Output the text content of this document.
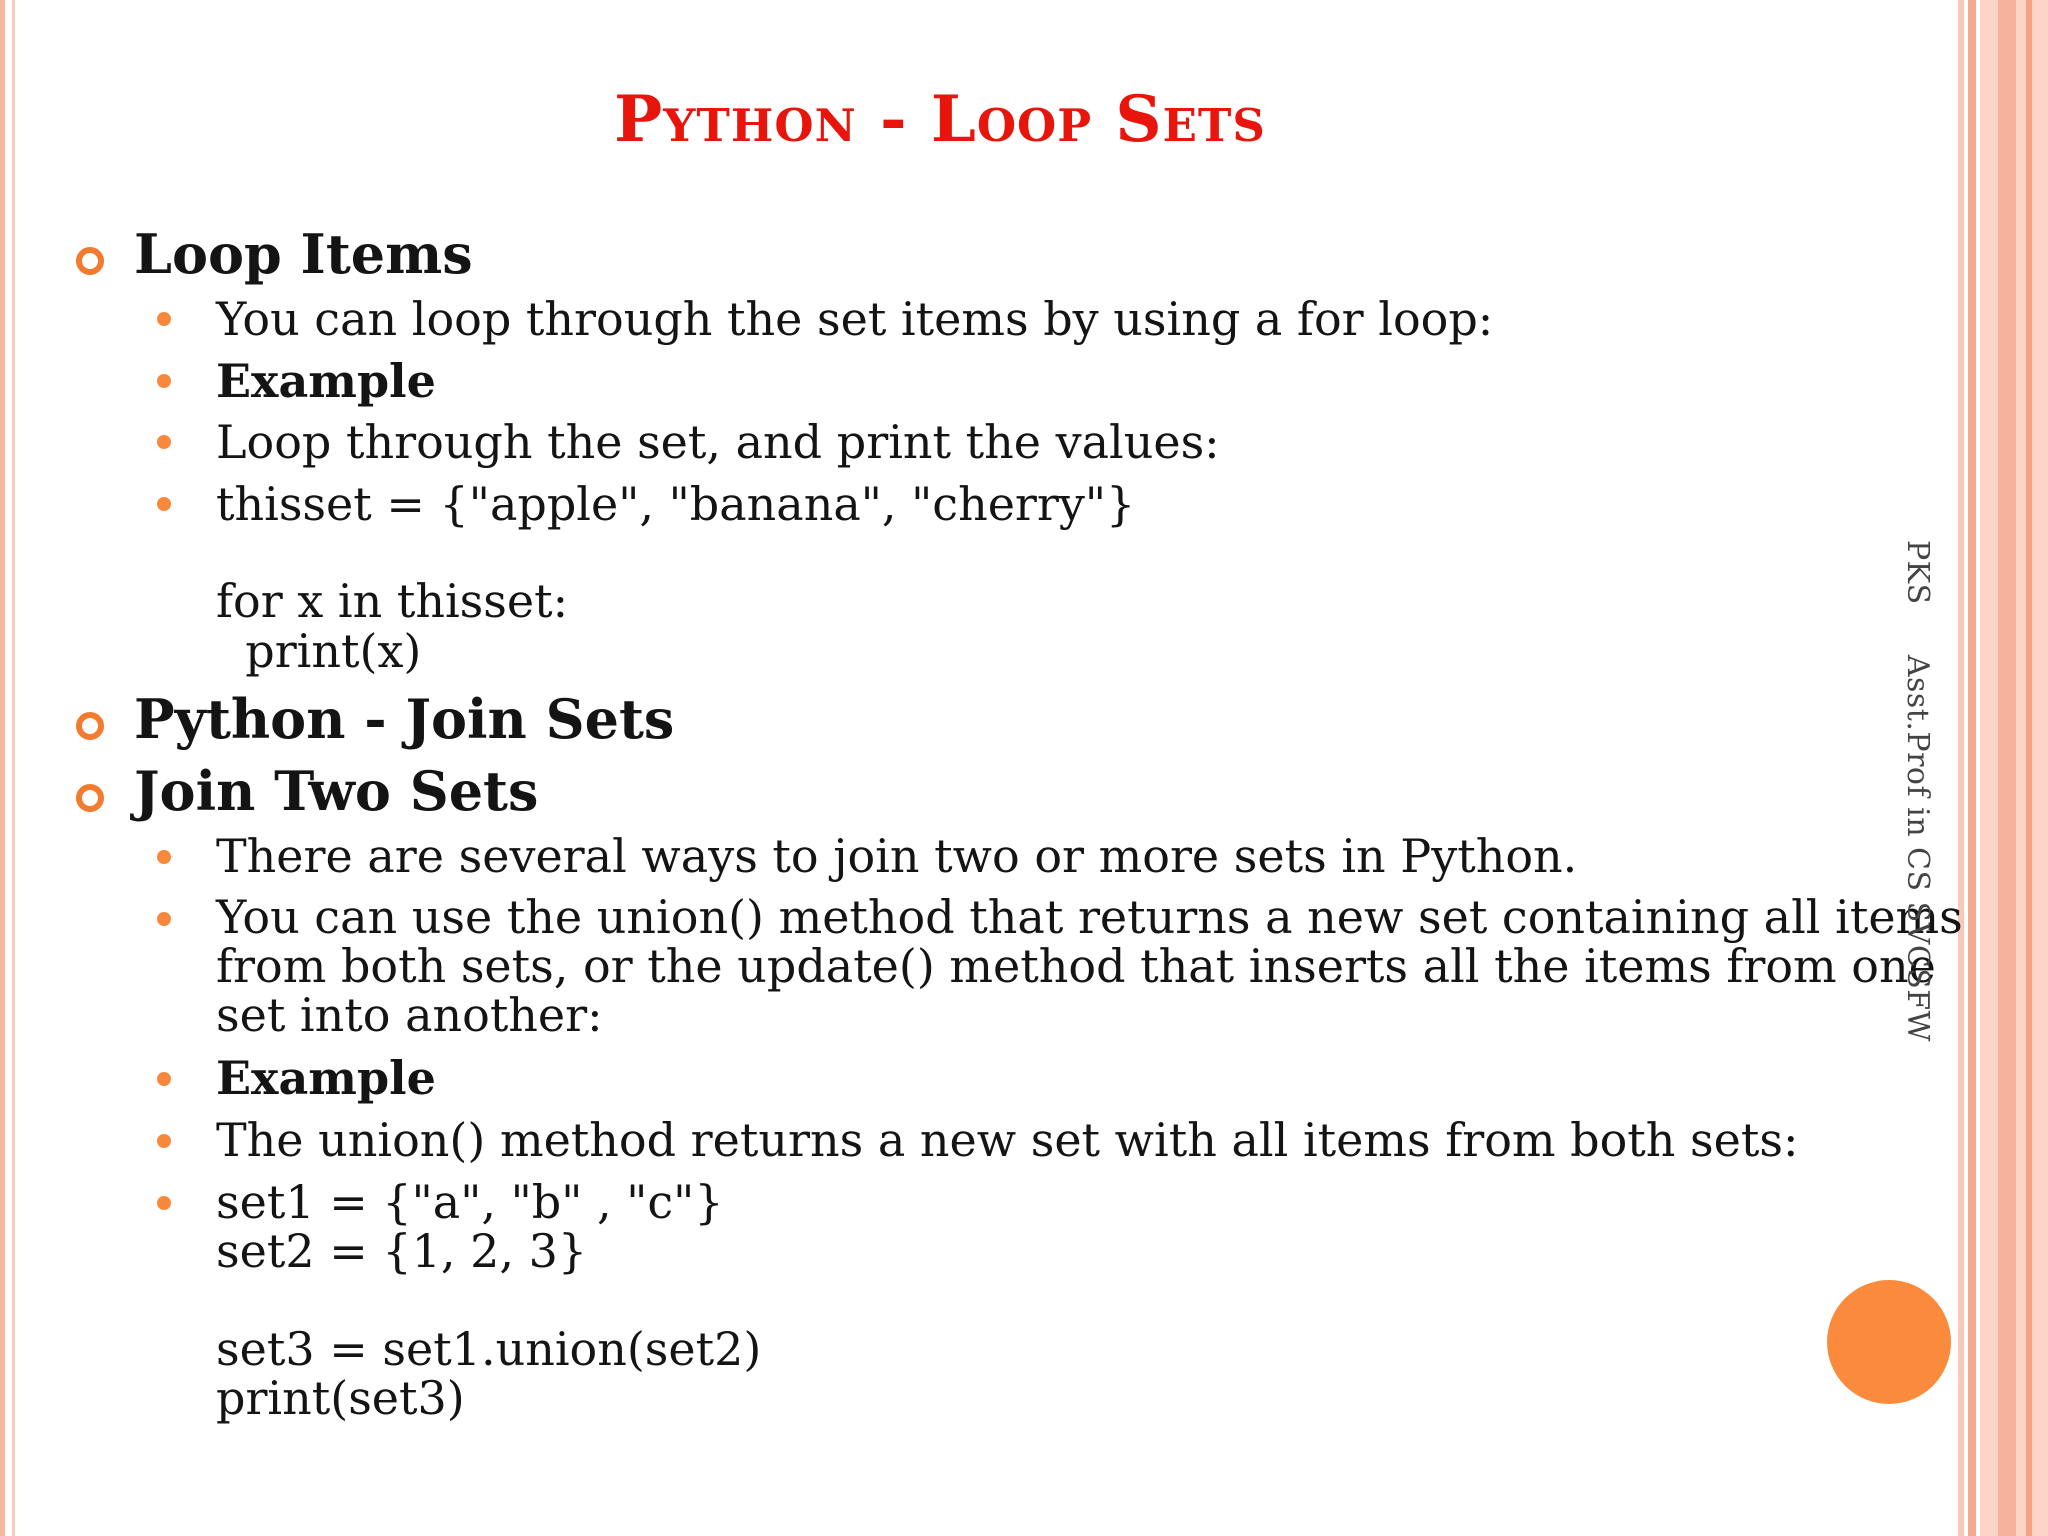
Python - Loop Sets
Loop Items
You can loop through the set items by using a for loop:
Example
Loop through the set, and print the values:
thisset = {"apple", "banana", "cherry"}
for x in thisset:
print(x)
Python - Join Sets
Join Two Sets
There are several ways to join two or more sets in Python.
You can use the union() method that returns a new set containing all items
from both sets, or the update() method that inserts all the items from one
set into another:
Example
The union() method returns a new set with all items from both sets:
set1 = {"a", "b" , "c"}
set2 = {1, 2, 3}
set3 = set1.union(set2)
print(set3)
PKS     Asst.Prof in CS SVCSFW
